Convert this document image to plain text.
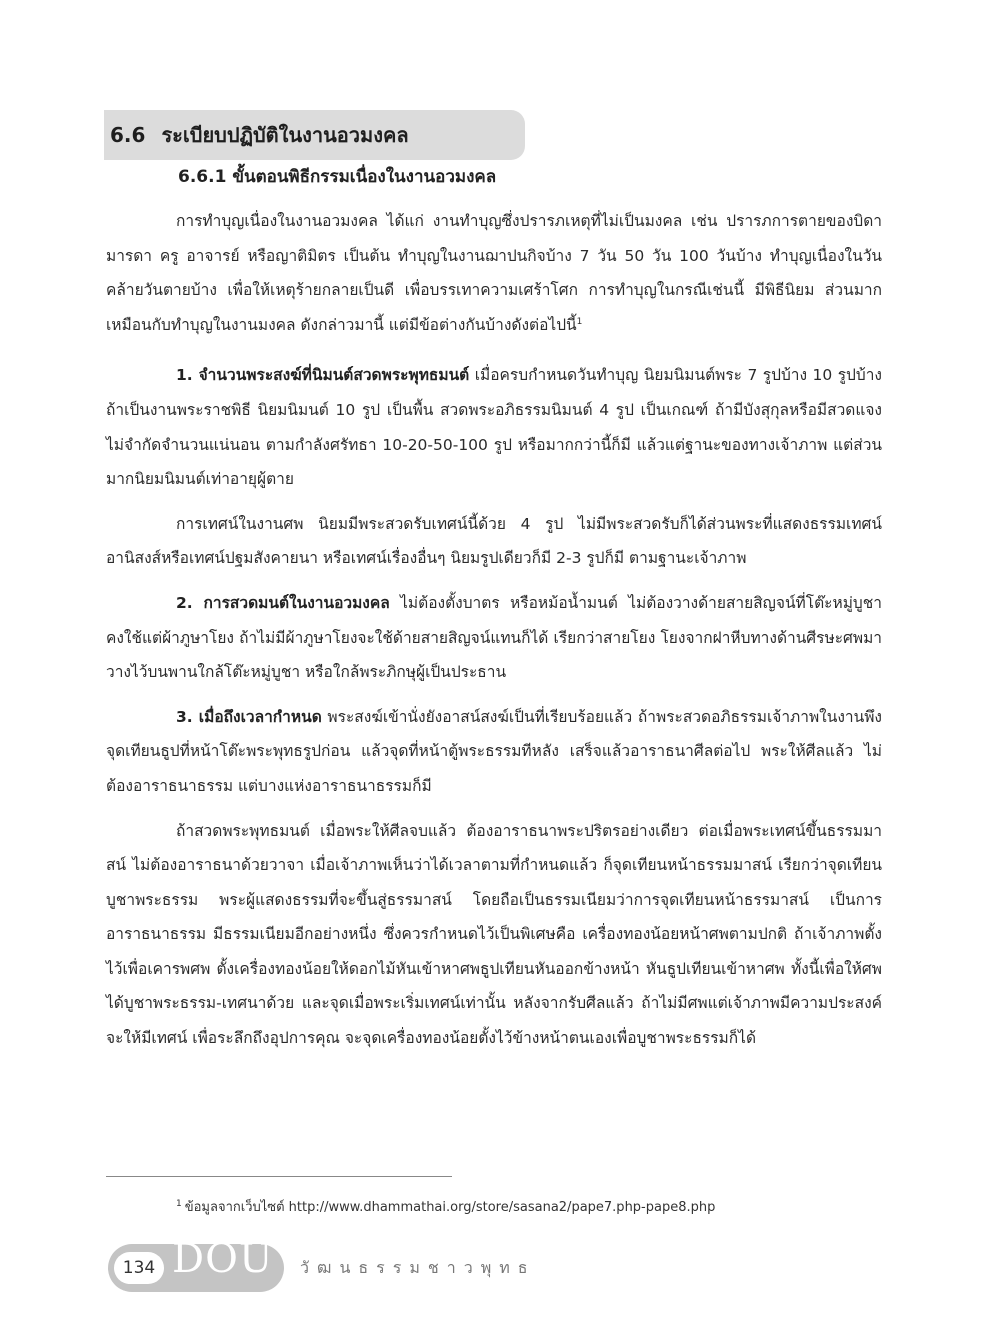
6.6 ระเบียบปฏิบัติในงานอวมงคล
6.6.1 ขั้นตอนพิธีกรรมเนื่องในงานอวมงคล

การทำบุญเนื่องในงานอวมงคล ได้แก่ งานทำบุญซึ่งปรารภเหตุที่ไม่เป็นมงคล เช่น ปรารภการตายของบิดามารดา ครู อาจารย์ หรือญาติมิตร เป็นต้น ทำบุญในงานฌาปนกิจบ้าง 7 วัน 50 วัน 100 วันบ้าง ทำบุญเนื่องในวันคล้ายวันตายบ้าง เพื่อให้เหตุร้ายกลายเป็นดี เพื่อบรรเทาความเศร้าโศก การทำบุญในกรณีเช่นนี้ มีพิธีนิยม ส่วนมากเหมือนกับทำบุญในงานมงคล ดังกล่าวมานี้ แต่มีข้อต่างกันบ้างดังต่อไปนี้$^1$

1. จำนวนพระสงฆ์ที่นิมนต์สวดพระพุทธมนต์ เมื่อครบกำหนดวันทำบุญ นิยมนิมนต์พระ 7 รูปบ้าง 10 รูปบ้าง ถ้าเป็นงานพระราชพิธี นิยมนิมนต์ 10 รูป เป็นพื้น สวดพระอภิธรรมนิมนต์ 4 รูป เป็นเกณฑ์ ถ้ามีบังสุกุลหรือมีสวดแจง ไม่จำกัดจำนวนแน่นอน ตามกำลังศรัทธา 10-20-50-100 รูป หรือมากกว่านี้ก็มี แล้วแต่ฐานะของทางเจ้าภาพ แต่ส่วนมากนิยมนิมนต์เท่าอายุผู้ตาย

การเทศน์ในงานศพ นิยมมีพระสวดรับเทศน์นี้ด้วย 4 รูป ไม่มีพระสวดรับก็ได้ส่วนพระที่แสดงธรรมเทศน์อานิสงส์หรือเทศน์ปฐมสังคายนา หรือเทศน์เรื่องอื่นๆ นิยมรูปเดียวก็มี 2-3 รูปก็มี ตามฐานะเจ้าภาพ

2. การสวดมนต์ในงานอวมงคล ไม่ต้องตั้งบาตร หรือหม้อน้ำมนต์ ไม่ต้องวางด้ายสายสิญจน์ที่โต๊ะหมู่บูชา คงใช้แต่ผ้าภูษาโยง ถ้าไม่มีผ้าภูษาโยงจะใช้ด้ายสายสิญจน์แทนก็ได้ เรียกว่าสายโยง โยงจากฝาหีบทางด้านศีรษะศพมาวางไว้บนพานใกล้โต๊ะหมู่บูชา หรือใกล้พระภิกษุผู้เป็นประธาน

3. เมื่อถึงเวลากำหนด พระสงฆ์เข้านั่งยังอาสน์สงฆ์เป็นที่เรียบร้อยแล้ว ถ้าพระสวดอภิธรรมเจ้าภาพในงานพึงจุดเทียนธูปที่หน้าโต๊ะพระพุทธรูปก่อน แล้วจุดที่หน้าตู้พระธรรมทีหลัง เสร็จแล้วอาราธนาศีลต่อไป พระให้ศีลแล้ว ไม่ต้องอาราธนาธรรม แต่บางแห่งอาราธนาธรรมก็มี

ถ้าสวดพระพุทธมนต์ เมื่อพระให้ศีลจบแล้ว ต้องอาราธนาพระปริตรอย่างเดียว ต่อเมื่อพระเทศน์ขึ้นธรรมมาสน์ ไม่ต้องอาราธนาด้วยวาจา เมื่อเจ้าภาพเห็นว่าได้เวลาตามที่กำหนดแล้ว ก็จุดเทียนหน้าธรรมมาสน์ เรียกว่าจุดเทียนบูชาพระธรรม พระผู้แสดงธรรมที่จะขึ้นสู่ธรรมาสน์ โดยถือเป็นธรรมเนียมว่าการจุดเทียนหน้าธรรมาสน์ เป็นการอาราธนาธรรม มีธรรมเนียมอีกอย่างหนึ่ง ซึ่งควรกำหนดไว้เป็นพิเศษคือ เครื่องทองน้อยหน้าศพตามปกติ ถ้าเจ้าภาพตั้งไว้เพื่อเคารพศพ ตั้งเครื่องทองน้อยให้ดอกไม้หันเข้าหาศพธูปเทียนหันออกข้างหน้า หันธูปเทียนเข้าหาศพ ทั้งนี้เพื่อให้ศพได้บูชาพระธรรม-เทศนาด้วย และจุดเมื่อพระเริ่มเทศน์เท่านั้น หลังจากรับศีลแล้ว ถ้าไม่มีศพแต่เจ้าภาพมีความประสงค์จะให้มีเทศน์ เพื่อระลึกถึงอุปการคุณ จะจุดเครื่องทองน้อยตั้งไว้ข้างหน้าตนเองเพื่อบูชาพระธรรมก็ได้

$^1$ ข้อมูลจากเว็บไซต์ http://www.dhammathai.org/store/sasana2/pape7.php-pape8.php
134 DOU วัฒนธรรมชาวพุทธ
